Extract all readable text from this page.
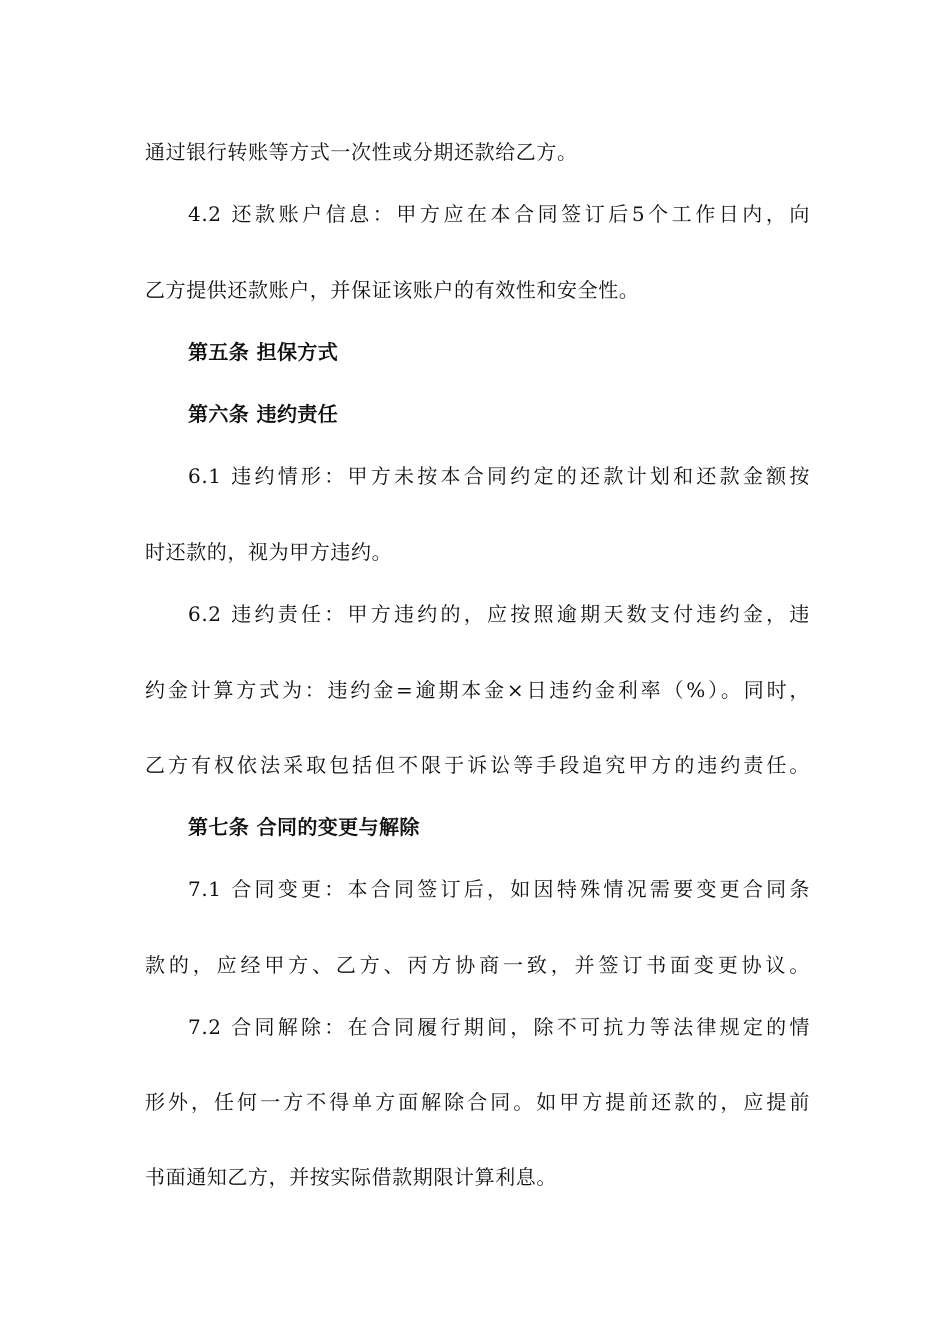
通过银行转账等方式一次性或分期还款给乙方。
4.2 还款账户信息：甲方应在本合同签订后5个工作日内，向
乙方提供还款账户，并保证该账户的有效性和安全性。
第五条 担保方式
第六条 违约责任
6.1 违约情形：甲方未按本合同约定的还款计划和还款金额按
时还款的，视为甲方违约。
6.2 违约责任：甲方违约的，应按照逾期天数支付违约金，违
约金计算方式为：违约金=逾期本金×日违约金利率（%）。同时，
乙方有权依法采取包括但不限于诉讼等手段追究甲方的违约责任。
第七条 合同的变更与解除
7.1 合同变更：本合同签订后，如因特殊情况需要变更合同条
款的，应经甲方、乙方、丙方协商一致，并签订书面变更协议。
7.2 合同解除：在合同履行期间，除不可抗力等法律规定的情
形外，任何一方不得单方面解除合同。如甲方提前还款的，应提前
书面通知乙方，并按实际借款期限计算利息。
